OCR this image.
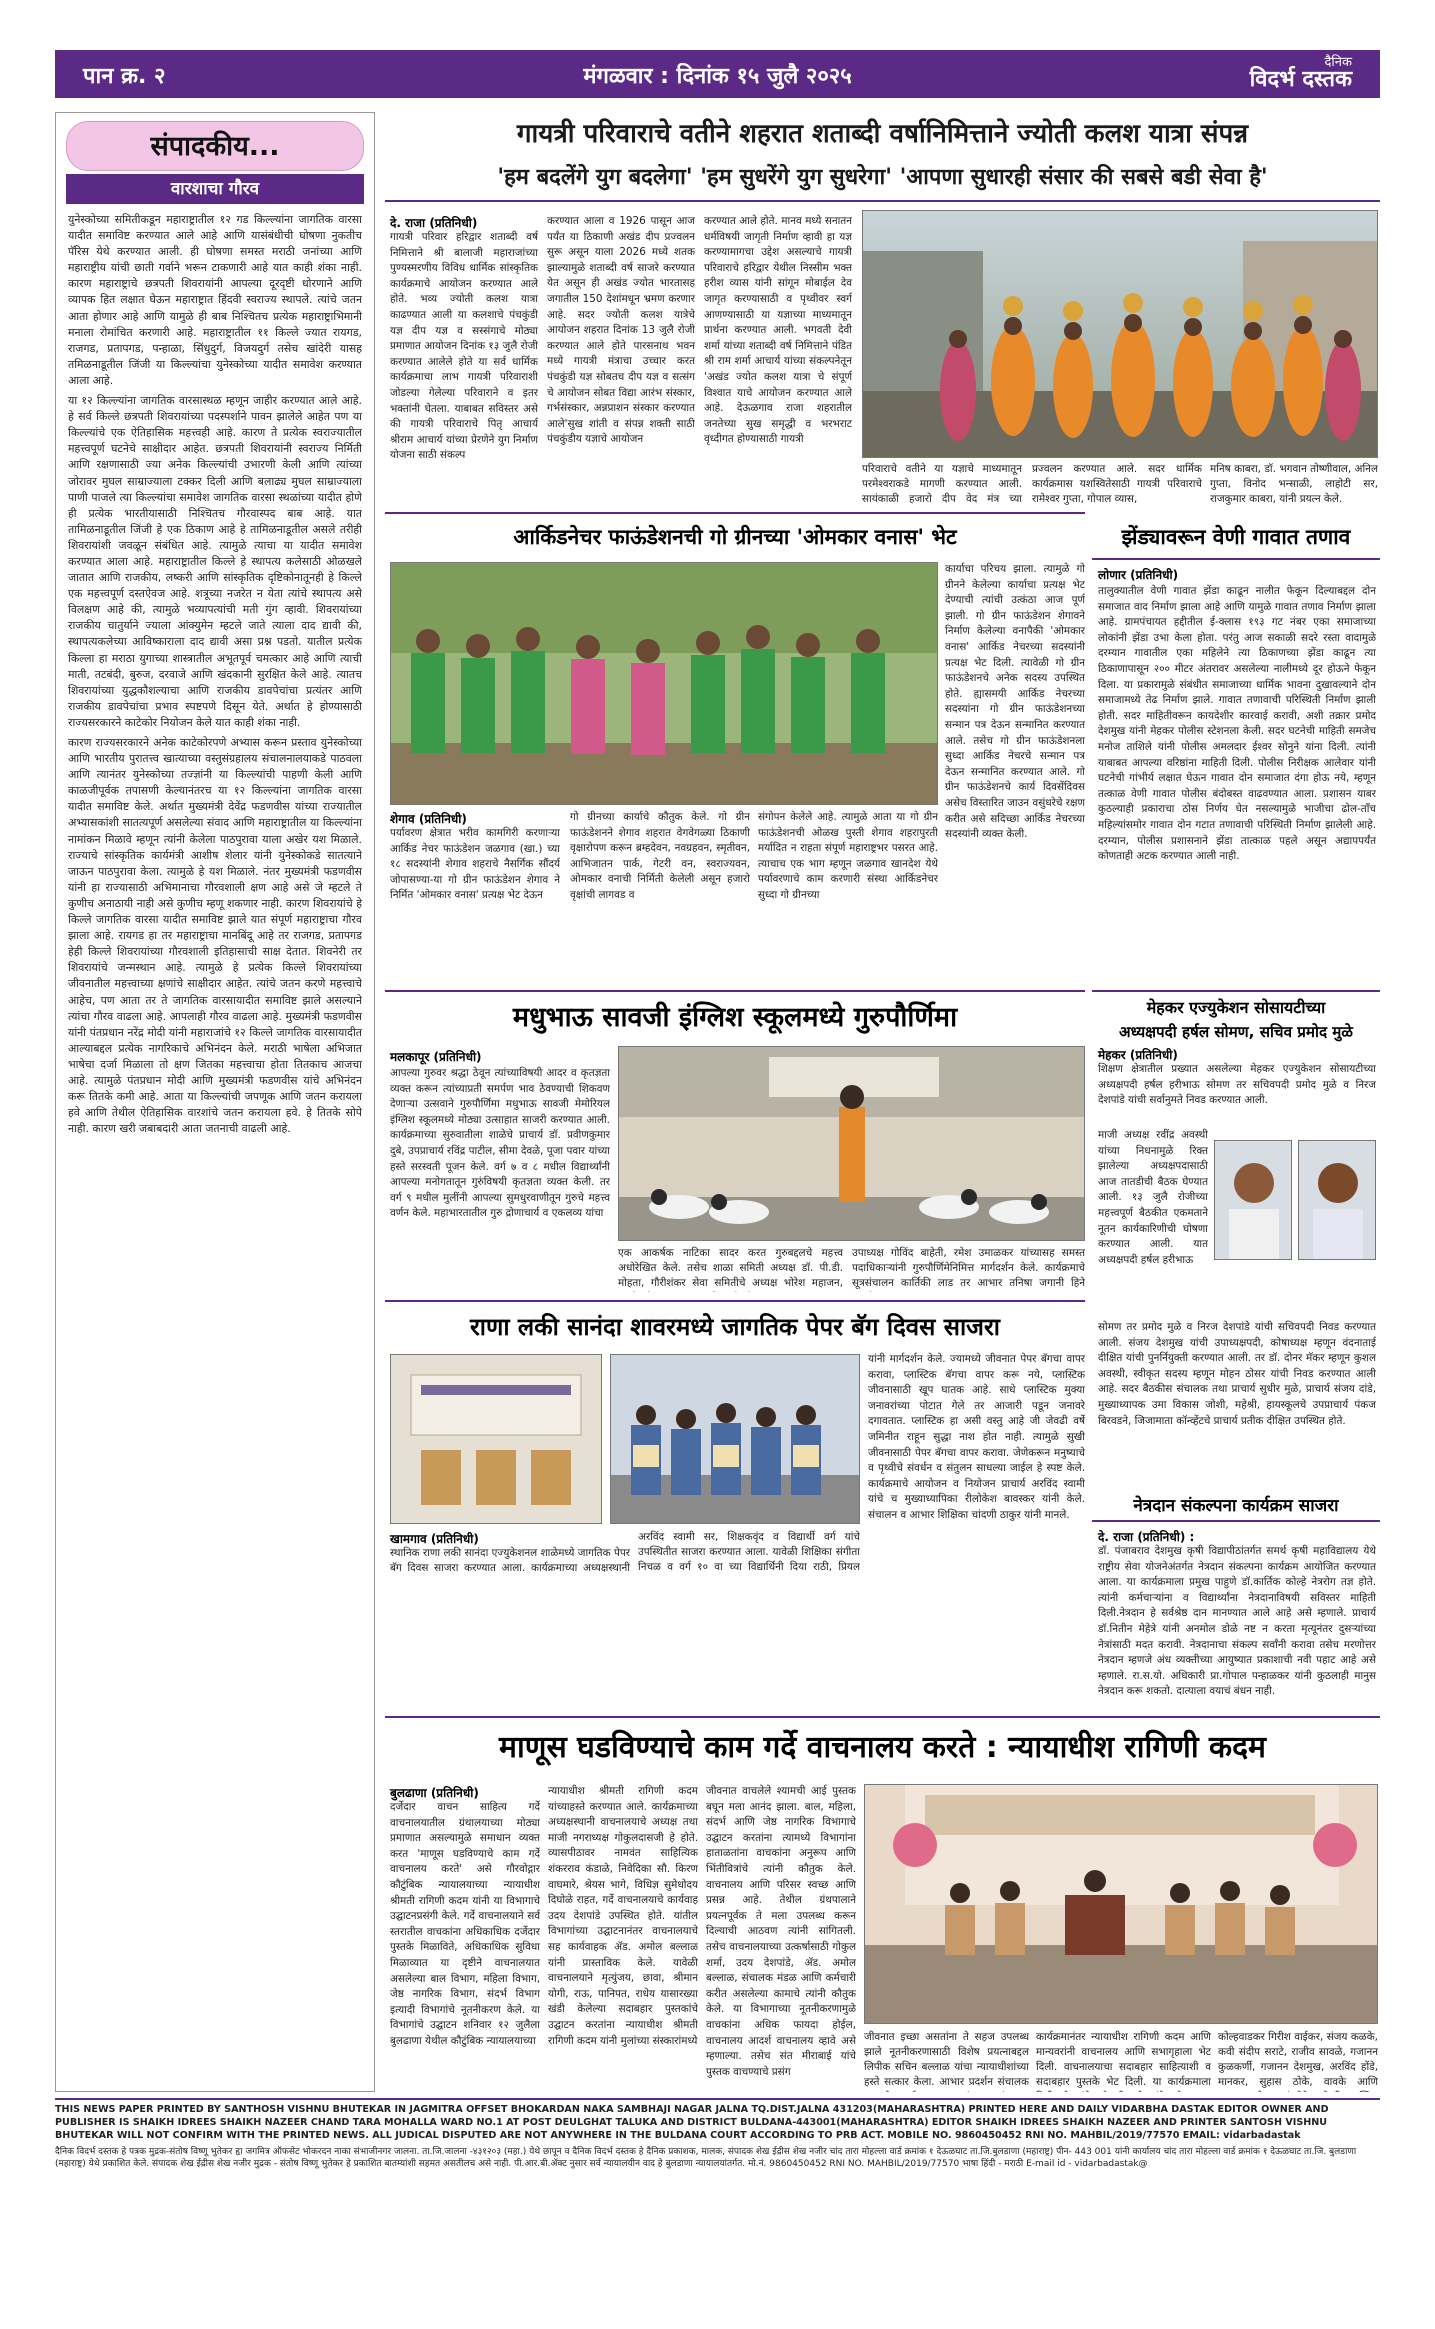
पान क्र. २	मंगळवार : दिनांक १५ जुलै २०२५
दैनिक
विदर्भ दस्तक
संपादकीय...
वारशाचा गौरव
युनेस्कोच्या समितीकडून महाराष्ट्रातील १२ गड किल्ल्यांना जागतिक वारसा यादीत समाविष्ट करण्यात आले आहे आणि यासंबंधीची घोषणा नुकतीच पॅरिस येथे करण्यात आली. ही घोषणा समस्त मराठी जनांच्या आणि महाराष्ट्रीय यांची छाती गर्वाने भरून टाकणारी आहे यात काही शंका नाही. कारण महाराष्ट्राचे छत्रपती शिवरायांनी आपल्या दूरदृष्टी धोरणाने आणि व्यापक हित लक्षात घेऊन महाराष्ट्रात हिंदवी स्वराज्य स्थापले. त्यांचे जतन आता होणार आहे आणि यामुळे ही बाब निश्चितच प्रत्येक महाराष्ट्राभिमानी मनाला रोमांचित करणारी आहे. महाराष्ट्रातील ११ किल्ले ज्यात रायगड, राजगड, प्रतापगड, पन्हाळा, सिंधुदुर्ग, विजयदुर्ग तसेच खांदेरी यासह तमिळनाडूतील जिंजी या किल्ल्यांचा युनेस्कोच्या यादीत समावेश करण्यात आला आहे.
या १२ किल्ल्यांना जागतिक वारसास्थळ म्हणून जाहीर करण्यात आले आहे. हे सर्व किल्ले छत्रपती शिवरायांच्या पदस्पर्शाने पावन झालेले आहेत पण या किल्ल्यांचे एक ऐतिहासिक महत्त्वही आहे. कारण ते प्रत्येक स्वराज्यातील महत्त्वपूर्ण घटनेचे साक्षीदार आहेत. छत्रपती शिवरायांनी स्वराज्य निर्मिती आणि रक्षणासाठी ज्या अनेक किल्ल्यांची उभारणी केली आणि त्यांच्या जोरावर मुघल साम्राज्याला टक्कर दिली आणि बलाढ्य मुघल साम्राज्याला पाणी पाजले त्या किल्ल्यांचा समावेश जागतिक वारसा स्थळांच्या यादीत होणे ही प्रत्येक भारतीयासाठी निश्चितच गौरवास्पद बाब आहे. यात तामिळनाडूतील जिंजी हे एक ठिकाण आहे हे तामिळनाडूतील असले तरीही शिवरायांशी जवळून संबंधित आहे. त्यामुळे त्याचा या यादीत समावेश करण्यात आला आहे. महाराष्ट्रातील किल्ले हे स्थापत्य कलेसाठी ओळखले जातात आणि राजकीय, लष्करी आणि सांस्कृतिक दृष्टिकोनातूनही हे किल्ले एक महत्त्वपूर्ण दस्तऐवज आहे. शत्रूच्या नजरेत न येता त्यांचे स्थापत्य असे विलक्षण आहे की, त्यामुळे भव्यापत्यांची मती गुंग व्हावी. शिवरायांच्या राजकीय चातुर्याने ज्याला आंक्युमेन म्हटले जाते त्याला दाद द्यावी की, स्थापत्यकलेच्या आविष्काराला दाद द्यावी असा प्रश्न पडतो. यातील प्रत्येक किल्ला हा मराठा युगाच्या शास्त्रातील अभूतपूर्व चमत्कार आहे आणि त्याची माती, तटबंदी, बुरुज, दरवाजे आणि खंदकानी सुरक्षित केले आहे. त्यातच शिवरायांच्या युद्धकौशल्याचा आणि राजकीय डावपेचांचा प्रत्यंतर आणि राजकीय डावपेचांचा प्रभाव स्पष्टपणे दिसून येते. अर्थात हे होण्यासाठी राज्यसरकारने काटेकोर नियोजन केले यात काही शंका नाही.
कारण राज्यसरकारने अनेक काटेकोरपणे अभ्यास करून प्रस्ताव युनेस्कोच्या आणि भारतीय पुरातत्त्व खात्याच्या वस्तुसंग्रहालय संचालनालयाकडे पाठवला आणि त्यानंतर युनेस्कोच्या तज्ज्ञांनी या किल्ल्यांची पाहणी केली आणि काळजीपूर्वक तपासणी केल्यानंतरच या १२ किल्ल्यांना जागतिक वारसा यादीत समाविष्ट केले. अर्थात मुख्यमंत्री देवेंद्र फडणवीस यांच्या राज्यातील अभ्यासकांशी सातत्यपूर्ण असलेल्या संवाद आणि महाराष्ट्रातील या किल्ल्यांना नामांकन मिळावे म्हणून त्यांनी केलेला पाठपुरावा याला अखेर यश मिळाले. राज्याचे सांस्कृतिक कार्यमंत्री आशीष शेलार यांनी युनेस्कोकडे सातत्याने जाऊन पाठपुरावा केला. त्यामुळे हे यश मिळाले. नंतर मुख्यमंत्री फडणवीस यांनी हा राज्यासाठी अभिमानाचा गौरवशाली क्षण आहे असे जे म्हटले ते कुणीच अनाठायी नाही असे कुणीच म्हणू शकणार नाही. कारण शिवरायांचे हे किल्ले जागतिक वारसा यादीत समाविष्ट झाले यात संपूर्ण महाराष्ट्राचा गौरव झाला आहे. रायगड हा तर महाराष्ट्राचा मानबिंदू आहे तर राजगड, प्रतापगड हेही किल्ले शिवरायांच्या गौरवशाली इतिहासाची साक्ष देतात. शिवनेरी तर शिवरायांचे जन्मस्थान आहे. त्यामुळे हे प्रत्येक किल्ले शिवरायांच्या जीवनातील महत्त्वाच्या क्षणांचे साक्षीदार आहेत. त्यांचे जतन करणे महत्त्वाचे आहेच, पण आता तर ते जागतिक वारसायादीत समाविष्ट झाले असल्याने त्यांचा गौरव वाढला आहे. आपलाही गौरव वाढला आहे. मुख्यमंत्री फडणवीस यांनी पंतप्रधान नरेंद्र मोदी यांनी महाराजांचे १२ किल्ले जागतिक वारसायादीत आल्याबद्दल प्रत्येक नागरिकाचे अभिनंदन केले. मराठी भाषेला अभिजात भाषेचा दर्जा मिळाला तो क्षण जितका महत्त्वाचा होता तितकाच आजचा आहे. त्यामुळे पंतप्रधान मोदी आणि मुख्यमंत्री फडणवीस यांचे अभिनंदन करू तितके कमी आहे. आता या किल्ल्यांची जपणूक आणि जतन करायला हवे आणि तेथील ऐतिहासिक वारशांचे जतन करायला हवे. हे तितके सोपे नाही. कारण खरी जबाबदारी आता जतनाची वाढली आहे.
गायत्री परिवाराचे वतीने शहरात शताब्दी वर्षानिमित्ताने ज्योती कलश यात्रा संपन्न
'हम बदलेंगे युग बदलेगा' 'हम सुधरेंगे युग सुधरेगा' 'आपणा सुधारही संसार की सबसे बडी सेवा है'
दे. राजा (प्रतिनिधी)
गायत्री परिवार हरिद्वार शताब्दी वर्ष निमित्ताने श्री बालाजी महाराजांच्या पुण्यस्मरणीय विविध धार्मिक सांस्कृतिक कार्यक्रमाचे आयोजन करण्यात आले होते. भव्य ज्योती कलश यात्रा काढण्यात आली या कलशाचे पंचकुंडी यज्ञ दीप यज्ञ व सस्संगाचे मोठ्या प्रमाणात आयोजन दिनांक १३ जुलै रोजी करण्यात आलेले होते या सर्व धार्मिक कार्यक्रमाचा लाभ गायत्री परिवाराशी जोडल्या गेलेल्या परिवाराने व इतर भक्तांनी घेतला. याबाबत सविस्तर असे की गायत्री परिवाराचे पितृ आचार्य श्रीराम आचार्य यांच्या प्रेरणेने युग निर्माण योजना साठी संकल्प
करण्यात आला व 1926 पासून आज पर्यंत या ठिकाणी अखंड दीप प्रज्वलन सुरू असून याला 2026 मध्ये शतक झाल्यामुळे शताब्दी वर्ष साजरे करण्यात येत असून ही अखंड ज्योत भारतासह जगातील 150 देशांमधून भ्रमण करणार आहे. सदर ज्योती कलश यात्रेचे आयोजन शहरात दिनांक 13 जुलै रोजी करण्यात आले होते पारसनाथ भवन मध्ये गायत्री मंत्राचा उच्चार करत पंचकुंडी यज्ञ सोबतच दीप यज्ञ व सत्संग चे आयोजन सोबत विद्या आरंभ संस्कार, गर्भसंस्कार, अन्नप्राशन संस्कार करण्यात आले'सुख शांती व संपन्न शक्ती साठी पंचकुंडीय यज्ञाचे आयोजन
करण्यात आले होते. मानव मध्ये सनातन धर्मविषयी जागृती निर्माण व्हावी हा यज्ञ करण्यामागचा उद्देश असल्याचे गायत्री परिवाराचे हरिद्वार येथील निस्सीम भक्त हरीश व्यास यांनी सांगून मोबाईल देव जागृत करण्यासाठी व पृथ्वीवर स्वर्ग आणण्यासाठी या यज्ञाच्या माध्यमातून प्रार्थना करण्यात आली. भगवती देवी शर्मा यांच्या शताब्दी वर्ष निमित्ताने पंडित श्री राम शर्मा आचार्य यांच्या संकल्पनेतून 'अखंड ज्योत कलश यात्रा चे संपूर्ण विश्वात याचे आयोजन करण्यात आले आहे. देऊळगाव राजा शहरातील जनतेच्या सुख समृद्धी व भरभराट वृध्दीगत होण्यासाठी गायत्री
परिवाराचे वतीने या यज्ञाचे माध्यमातून परमेश्वराकडे मागणी करण्यात आली. सायंकाळी हजारो दीप वेद मंत्र च्या
प्रज्वलन करण्यात आले. सदर धार्मिक कार्यक्रमास यशस्वितेसाठी गायत्री परिवाराचे रामेश्वर गुप्ता, गोपाल व्यास,
मनिष काबरा, डॉ. भगवान तोष्णीवाल, अनिल गुप्ता, विनोद भन्साळी, लाहोटी सर, राजकुमार काबरा, यांनी प्रयत्न केले.
आर्किडनेचर फाऊंडेशनची गो ग्रीनच्या 'ओमकार वनास' भेट
कार्याचा परिचय झाला. त्यामुळे गो ग्रीनने केलेल्या कार्याचा प्रत्यक्ष भेट देण्याची त्यांची उत्कंठा आज पूर्ण झाली. गो ग्रीन फाऊंडेशन शेगावने निर्माण केलेल्या वनापैकी 'ओमकार वनास' आर्किड नेचरच्या सदस्यांनी प्रत्यक्ष भेट दिली. त्यावेळी गो ग्रीन फाऊंडेशनचे अनेक सदस्य उपस्थित होते. ह्यासमयी आर्किड नेचरच्या सदस्यांना गो ग्रीन फाऊंडेशनच्या सन्मान पत्र देऊन सन्मानित करण्यात आले. तसेच गो ग्रीन फाऊंडेशनला सुध्दा आर्किड नेचरचे सन्मान पत्र देऊन सन्मानित करण्यात आले. गो ग्रीन फाऊंडेशनचे कार्य दिवसेंदिवस असेच विस्तारित जाउन वसुंधरेचे रक्षण करीत असे सदिच्छा आर्किड नेचरच्या सदस्यांनी व्यक्त केली.
शेगाव (प्रतिनिधी)
पर्यावरण क्षेत्रात भरीव कामगिरी करणाऱ्या आर्किड नेचर फाऊंडेशन जळगाव (खा.) च्या १८ सदस्यांनी शेगाव शहराचे नैसर्गिक सौंदर्य जोपासण्या-या गो ग्रीन फाऊंडेशन शेगाव ने निर्मित 'ओमकार वनास' प्रत्यक्ष भेट देऊन
गो ग्रीनच्या कार्याचे कौतुक केले. गो ग्रीन फाऊंडेशनने शेगाव शहरात वेगवेगळ्या ठिकाणी वृक्षारोपण करून ब्रम्हदेवन, नवग्रहवन, स्मृतीवन, आभिजातन पार्क, गेटरी वन, स्वराज्यवन, ओमकार वनाची निर्मिती केलेली असून हजारो वृक्षांची लागवड व
संगोपन केलेले आहे. त्यामुळे आता या गो ग्रीन फाऊंडेशनची ओळख पुस्ती शेगाव शहरापुरती मर्यादित न राहता संपूर्ण महाराष्ट्रभर पसरत आहे. त्याचाच एक भाग म्हणून जळगाव खानदेश येथे पर्यावरणाचे काम करणारी संस्था आर्किडनेचर सुध्दा गो ग्रीनच्या
झेंड्यावरून वेणी गावात तणाव
लोणार (प्रतिनिधी)
तालुक्यातील वेणी गावात झेंडा काढून नालीत फेकून दिल्याबद्दल दोन समाजात वाद निर्माण झाला आहे आणि यामुळे गावात तणाव निर्माण झाला आहे. ग्रामपंचायत हद्दीतील ई-क्लास १९३ गट नंबर एका समाजाच्या लोकांनी झेंडा उभा केला होता. परंतु आज सकाळी सदरे रस्ता वादामुळे दरम्यान गावातील एका महिलेने त्या ठिकाणच्या झेंडा काढून त्या ठिकाणापासून २०० मीटर अंतरावर असलेल्या नालीमध्ये दूर होऊने फेकून दिला. या प्रकारामुळे संबंधीत समाजाच्या धार्मिक भावना दुखावल्याने दोन समाजामध्ये तेढ निर्माण झाले. गावात तणावाची परिस्थिती निर्माण झाली होती. सदर माहितीवरून कायदेशीर कारवाई करावी, अशी तक्रार प्रमोद देशमुख यांनी मेहकर पोलीस स्टेशनला केली. सदर घटनेची माहिती समजेच मनोज ताशिले यांनी पोलीस अमलदार ईश्वर सोनुने यांना दिली. त्यांनी याबाबत आपल्या वरिष्ठांना माहिती दिली. पोलीस निरीक्षक आलेवार यांनी घटनेची गांभीर्य लक्षात घेऊन गावात दोन समाजात दंगा होऊ नये, म्हणून तत्काळ वेणी गावात पोलीस बंदोबस्त वाढवण्यात आला. प्रशासन याबर कुठल्याही प्रकाराचा ठोस निर्णय घेत नसल्यामुळे भाजीचा ढोल-ताँच महिल्यांसमोर गावात दोन गटात तणावाची परिस्थिती निर्माण झालेली आहे. दरम्यान, पोलीस प्रशासनाने झेंडा तात्काळ पहले असून अद्यापपर्यंत कोणताही अटक करण्यात आली नाही.
मधुभाऊ सावजी इंग्लिश स्कूलमध्ये गुरुपौर्णिमा
मलकापूर (प्रतिनिधी)
आपल्या गुरुवर श्रद्धा ठेवून त्यांच्याविषयी आदर व कृतज्ञता व्यक्त करून त्यांच्याप्रती समर्पण भाव ठेवण्याची शिकवण देणाऱ्या उत्सवाने गुरुपौर्णिमा मधुभाऊ सावजी मेमोरियल इंग्लिश स्कूलमध्ये मोठ्या उत्साहात साजरी करण्यात आली. कार्यक्रमाच्या सुरुवातीला शाळेचे प्राचार्य डॉ. प्रवीणकुमार दुबे, उपप्राचार्य रविंद्र पाटील, सीमा देवळे, पूजा पवार यांच्या हस्ते सरस्वती पूजन केले. वर्ग ७ व ८ मधील विद्यार्थ्यांनी आपल्या मनोगतातून गुरुंविषयी कृतज्ञता व्यक्त केली. तर वर्ग ९ मधील मुलींनी आपल्या सुमधुरवाणीतून गुरुचे महत्त्व वर्णन केले. महाभारतातील गुरु द्रोणाचार्य व एकलव्य यांचा
एक आकर्षक नाटिका सादर करत गुरुबद्दलचे महत्त्व अधोरेखित केले. तसेच शाळा समिती अध्यक्ष डॉ. पी.डी. मोहता, गौरीशंकर सेवा समितीचे अध्यक्ष भोरेश महाजन,
उपाध्यक्ष गोविंद बाहेती, रमेश उमाळकर यांच्यासह समस्त पदाधिकाऱ्यांनी गुरुपौर्णिमेनिमित्त मार्गदर्शन केले. कार्यक्रमाचे सूत्रसंचालन कार्तिकी लाड तर आभार तनिषा जगानी हिने
राणा लकी सानंदा शावरमध्ये जागतिक पेपर बॅग दिवस साजरा
यांनी मार्गदर्शन केले. ज्यामध्ये जीवनात पेपर बॅगचा वापर करावा, प्लास्टिक बॅगचा वापर करू नये, प्लास्टिक जीवनासाठी खूप घातक आहे. साधे प्लास्टिक मुक्या जनावरांच्या पोटात गेले तर आजारी पडून जनावरे दगावतात. प्लास्टिक हा असी वस्तु आहे जी जेवढी वर्षे जमिनीत राहून सुद्धा नाश होत नाही. त्यामुळे सुखी जीवनासाठी पेपर बॅगचा वापर करावा. जेणेकरून मनुष्याचे व पृथ्वीचे संवर्धन व संतुलन साधल्या जाईल हे स्पष्ट केले. कार्यक्रमाचे आयोजन व नियोजन प्राचार्य अरविंद स्वामी यांचे च मुख्याध्यापिका रीलोकेश बावस्कर यांनी केले. संचालन व आभार शिक्षिका चांदणी ठाकुर यांनी मानले.
खामगाव (प्रतिनिधी)
स्थानिक राणा लकी सानंदा एज्युकेशनल शाळेमध्ये जागतिक पेपर बॅग दिवस साजरा करण्यात आला. कार्यक्रमाच्या अध्यक्षस्थानी
अरविंद स्वामी सर, शिक्षकवृंद व विद्यार्थी वर्ग यांचे उपस्थितीत साजरा करण्यात आला. यावेळी शिक्षिका संगीता निचळ व वर्ग १० वा च्या विद्यार्थिनी दिया राठी, प्रियल
मेहकर एज्युकेशन सोसायटीच्या
अध्यक्षपदी हर्षल सोमण, सचिव प्रमोद मुळे
मेहकर (प्रतिनिधी)
शिक्षण क्षेत्रातील प्रख्यात असलेल्या मेहकर एज्युकेशन सोसायटीच्या अध्यक्षपदी हर्षल हरीभाऊ सोमण तर सचिवपदी प्रमोद मुळे व निरज देशपांडे यांची सर्वानुमते निवड करण्यात आली.
माजी अध्यक्ष रवींद्र अवस्थी यांच्या निधनामुळे रिक्त झालेल्या अध्यक्षपदासाठी आज तातडीची बैठक घेण्यात आली. १३ जुलै रोजीच्या महत्त्वपूर्ण बैठकीत एकमताने नूतन कार्यकारिणीची घोषणा करण्यात आली. यात अध्यक्षपदी हर्षल हरीभाऊ
सोमण तर प्रमोद मुळे व निरज देशपांडे यांची सचिवपदी निवड करण्यात आली. संजय देशमुख यांची उपाध्यक्षपदी, कोषाध्यक्ष म्हणून वंदनाताई दीक्षित यांची पुनर्नियुक्ती करण्यात आली. तर डॉ. दोनर मॅकर म्हणून कुशल अवस्थी, स्वीकृत सदस्य म्हणून मोहन ठोसर यांची निवड करण्यात आली आहे. सदर बैठकीस संचालक तथा प्राचार्य सुधीर मुळे, प्राचार्य संजय दांडे, मुख्याध्यापक उमा विकास जोशी, महेश्री, हायस्कूलचे उपप्राचार्य पंकज बिरवडने, जिजामाता कॉन्व्हेंटचे प्राचार्य प्रतीक दीक्षित उपस्थित होते.
नेत्रदान संकल्पना कार्यक्रम साजरा
दे. राजा (प्रतिनिधी) :
डॉ. पंजाबराव देशमुख कृषी विद्यापीठांतर्गत समर्थ कृषी महाविद्यालय येथे राष्ट्रीय सेवा योजनेअंतर्गत नेत्रदान संकल्पना कार्यक्रम आयोजित करण्यात आला. या कार्यक्रमाला प्रमुख पाहुणे डॉ.कार्तिक कोल्हे नेत्ररोग तज्ञ होते. त्यांनी कर्मचाऱ्यांना व विद्यार्थ्यांना नेत्रदानाविषयी सविस्तर माहिती दिली.नेत्रदान हे सर्वश्रेष्ठ दान मानण्यात आले आहे असे म्हणाले. प्राचार्य डॉ.नितीन मेहेत्रे यांनी अनमोल डोळे नष्ट न करता मृत्यूनंतर दुसऱ्यांच्या नेत्रांसाठी मदत करावी. नेत्रदानाचा संकल्प सर्वांनी करावा तसेच मरणोत्तर नेत्रदान म्हणजे अंध व्यक्तीच्या आयुष्यात प्रकाशाची नवी पहाट आहे असे म्हणाले. रा.स.यो. अधिकारी प्रा.गोपाल पन्हाळकर यांनी कुठलाही मानुस नेत्रदान करू शकतो. दात्याला वयाचं बंधन नाही.
माणूस घडविण्याचे काम गर्दे वाचनालय करते : न्यायाधीश रागिणी कदम
बुलढाणा (प्रतिनिधी)
दर्जेदार वाचन साहित्य गर्दे वाचनालयातील ग्रंथालयाच्या मोठ्या प्रमाणात असल्यामुळे समाधान व्यक्त करत 'माणूस घडविण्याचे काम गर्दे वाचनालय करते' असे गौरवोद्गार कौटुंबिक न्यायालयाच्या न्यायाधीश श्रीमती रागिणी कदम यांनी या विभागाचे उद्घाटनप्रसंगी केले. गर्दे वाचनालयाने सर्व स्तरातील वाचकांना अधिकाधिक दर्जेदार पुस्तके मिळाविते, अधिकाधिक सुविधा मिळाव्यात या दृष्टीने वाचनालयात असलेल्या बाल विभाग, महिला विभाग, जेष्ठ नागरिक विभाग, संदर्भ विभाग इत्यादी विभागांचे नूतनीकरण केले. या विभागांचे उद्घाटन शनिवार १२ जुलैला बुलढाणा येथील कौटुंबिक न्यायालयाच्या
न्यायाधीश श्रीमती रागिणी कदम यांच्याहस्ते करण्यात आले. कार्यक्रमाच्या अध्यक्षस्थानी वाचनालयाचे अध्यक्ष तथा माजी नगराध्यक्ष गोकुलदासजी हे होते. व्यासपीठावर नामवंत साहित्यिक शंकरराव कंडाळे, निवेदिका सौ. किरण वाघमारे, श्रेयस भागे, विधिज्ञ सुमेधोदय दिघोळे राहत, गर्दे वाचनालयाचे कार्यवाह उदय देशपांडे उपस्थित होते. यांतील विभागांच्या उद्घाटनानंतर वाचनालयाचे सह कार्यवाहक ॲड. अमोल बल्लाळ यांनी प्रास्ताविक केले. यावेळी वाचनालयाने मृत्युंजय, छावा, श्रीमान योगी, राऊ, पानिपत, राधेय यासारख्या खंडी केलेल्या सदाबहार पुस्तकांचे उद्घाटन करतांना न्यायाधीश श्रीमती रागिणी कदम यांनी मुलांच्या संस्कारांमध्ये
जीवनात वाचलेले श्यामची आई पुस्तक बघून मला आनंद झाला. बाल, महिला, संदर्भ आणि जेष्ठ नागरिक विभागाचे उद्घाटन करतांना त्यामध्ये विभागांना हाताळतांना वाचकांना अनुरूप आणि भिंतीवित्रांचे त्यांनी कौतुक केले. वाचनालय आणि परिसर स्वच्छ आणि प्रसन्न आहे. तेथील ग्रंथपालाने प्रयत्नपूर्वक ते मला उपलब्ध करून दिल्याची आठवण त्यांनी सांगितली. तसेच वाचनालयाच्या उत्कर्षासाठी गोकुल शर्मा, उदय देशपांडे, ॲड. अमोल बल्लाळ, संचालक मंडळ आणि कर्मचारी करीत असलेल्या कामाचे त्यांनी कौतुक केले. या विभागाच्या नूतनीकरणामुळे वाचकांना अधिक फायदा होईल, वाचनालय आदर्श वाचनालय व्हावे असे म्हणाल्या. तसेच संत मीराबाई यांचे पुस्तक वाचण्याचे प्रसंग
जीवनात इच्छा असतांना ते सहज उपलब्ध झाले नूतनीकरणासाठी विशेष प्रयत्नाबद्दल लिपीक सचिन बल्लाळ यांचा न्यायाधीशांच्या हस्ते सत्कार केला. आभार प्रदर्शन संचालक
कार्यक्रमानंतर न्यायाधीश रागिणी कदम आणि मान्यवरांनी वाचनालय आणि सभागृहाला भेट दिली. वाचनालयाचा सदाबहार साहित्याशी व सदाबहार पुस्तके भेट दिली. या कार्यक्रमाला
कोल्हवाडकर गिरीश वाईकर, संजय कळके, कवी संदीप सराटे, राजीव सावळे, गजानन कुळकर्णी, गजानन देशमुख, अरविंद होंडे, मानकर, सुहास ठोके, वावके आणि
THIS NEWS PAPER PRINTED BY SANTHOSH VISHNU BHUTEKAR IN JAGMITRA OFFSET BHOKARDAN NAKA SAMBHAJI NAGAR JALNA TQ.DIST.JALNA 431203(MAHARASHTRA) PRINTED HERE AND DAILY VIDARBHA DASTAK EDITOR OWNER AND PUBLISHER IS SHAIKH IDREES SHAIKH NAZEER CHAND TARA MOHALLA WARD NO.1 AT POST DEULGHAT TALUKA AND DISTRICT BULDANA-443001(MAHARASHTRA) EDITOR SHAIKH IDREES SHAIKH NAZEER AND PRINTER SANTOSH VISHNU BHUTEKAR WILL NOT CONFIRM WITH THE PRINTED NEWS. ALL JUDICAL DISPUTED ARE NOT ANYWHERE IN THE BULDANA COURT ACCORDING TO PRB ACT. MOBILE NO. 9860450452 RNI NO. MAHBIL/2019/77570 EMAIL: vidarbadastak
दैनिक विदर्भ दस्तक हे पत्रक मुद्रक-संतोष विष्णू भुतेकर हृा जगमित्र ऑफसेट भोकरदन नाका संभाजीनगर जालना. ता.जि.जालना -४३१२०३ (महा.) येथे छापून व दैनिक विदर्भ दस्तक हे दैनिक प्रकाशक, मालक, संपादक शेख ईद्रीस शेख नजीर चांद तारा मोहल्ला वार्ड क्रमांक १ देऊळघाट ता.जि.बुलडाणा (महाराष्ट्र) पीन- 443 001 यांनी कार्यालय चांद तारा मोहल्ला वार्ड क्रमांक १ देऊळघाट ता.जि. बुलडाणा (महाराष्ट्र) येथे प्रकाशित केले. संपादक शेख ईद्रीस शेख नजीर मुद्रक - संतोष विष्णू भुतेकर हे प्रकाशित बातम्यांशी सहमत असतीलच असे नाही. पी.आर.बी.ॲक्ट नुसार सर्व न्यायालयीन वाद हे बुलडाणा न्यायालयांतर्गत. मो.नं. 9860450452 RNI NO. MAHBIL/2019/77570 भाषा हिंदी - मराठी E-mail id - vidarbadastak@
